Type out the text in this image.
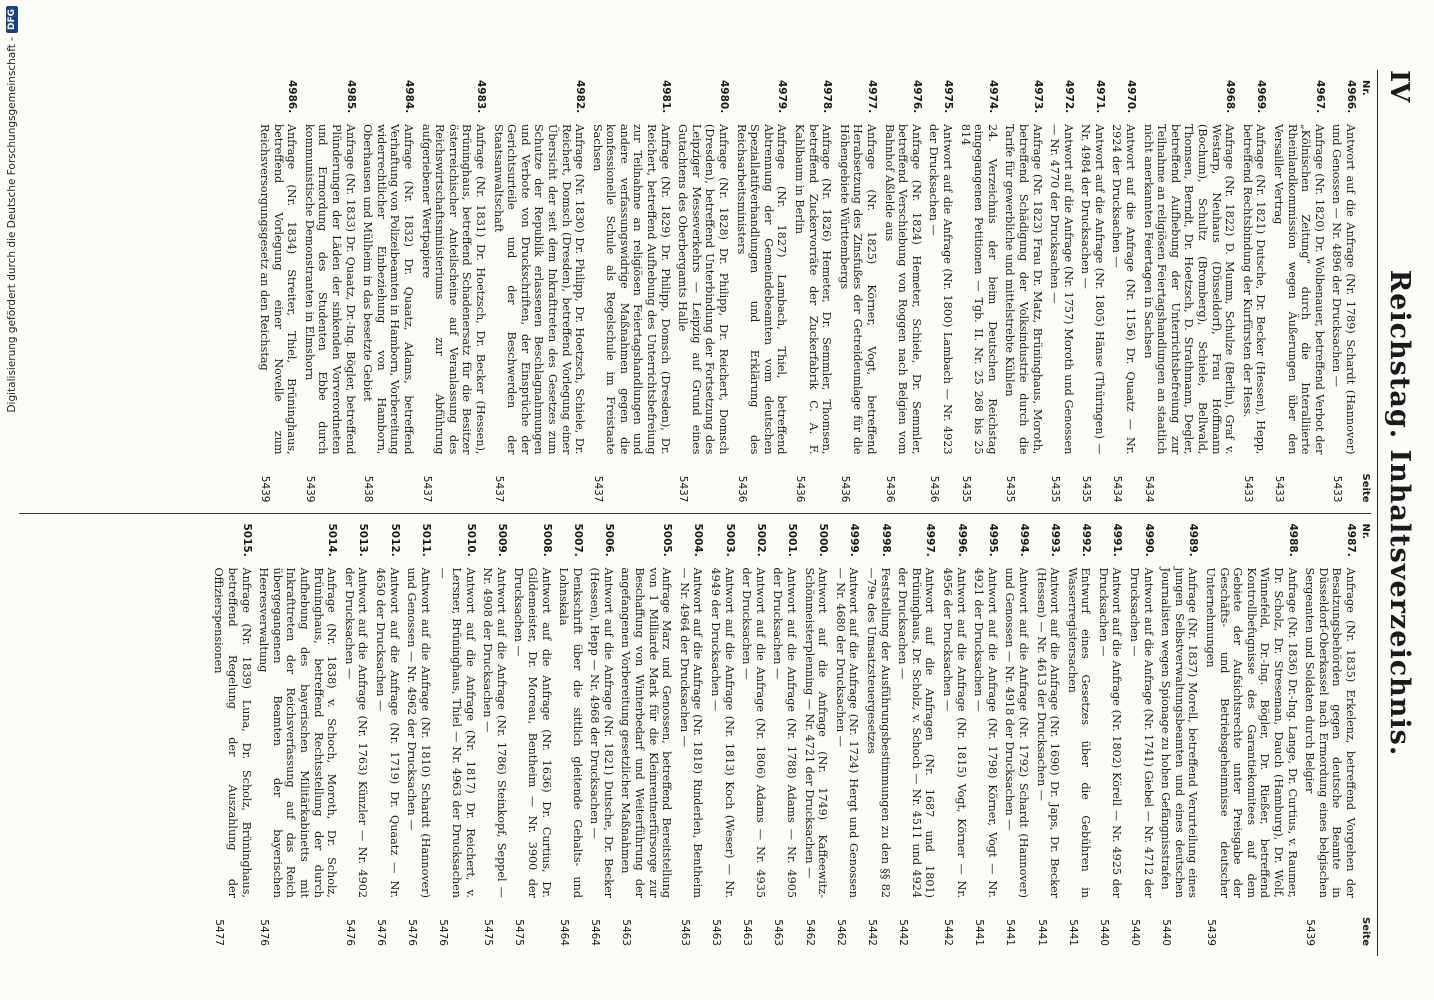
IV
Reichstag. Inhaltsverzeichnis.
Nr.
Seite
4966.
Antwort auf die Anfrage (Nr. 1789) Schardt (Hannover) und Genossen — Nr. 4896 der Drucksachen —
5433
4967.
Anfrage (Nr. 1820) Dr. Wolbenauer, betreffend Verbot der „Kölnischen Zeitung“ durch die Interalliierte Rheinlandkommission wegen Äußerungen über den Versailler Vertrag
5433
4969.
Anfrage (Nr. 1821) Dutsche, Dr. Becker (Hessen), Hepp, betreffend Rechtsbindung der Kurfürsten der Hess.
5433
4968.
Anfrage (Nr. 1822) D. Mumm, Schulze (Berlin), Graf v. Westarp, Neuhaus (Düsseldorf), Frau Hoffmann (Bochum), Schultz (Bromberg), Schiele, Bellwald, Thomsen, Berndt, Dr. Hoetzsch, D. Strathmann, Degler, betreffend Aufhebung der Unterrichtsbefreiung zur Teilnahme an religiösen Feiertagshandlungen an staatlich nicht anerkannten Feiertagen in Sachsen
5434
4970.
Antwort auf die Anfrage (Nr. 1156) Dr. Quaatz — Nr. 2924 der Drucksachen —
5434
4971.
Antwort auf die Anfrage (Nr. 1805) Hänse (Thüringen) — Nr. 4984 der Drucksachen —
5435
4972.
Antwort auf die Anfrage (Nr. 1757) Moroth und Genossen — Nr. 4770 der Drucksachen —
5435
4973.
Anfrage (Nr. 1823) Frau Dr. Matz, Brüninghaus, Moroth, betreffend Schädigung der Volksindustrie durch die Tarife für gewerbliche und mittelstrebte Kühlen
5435
4974.
24. Verzeichnis der beim Deutschen Reichstag eingegangenen Petitionen — Tgb. II. Nr. 25 268 bis 25 814
5435
4975.
Antwort auf die Anfrage (Nr. 1800) Lambach — Nr. 4923 der Drucksachen —
5436
4976.
Anfrage (Nr. 1824) Hemeter, Schiele, Dr. Semmler, betreffend Verschiebung von Roggen nach Belgien vom Bahnhof Aßlelde aus
5436
4977.
Anfrage (Nr. 1825) Körner, Vogt, betreffend Herabsetzung des Zinsfußes der Getreideumlage für die Höhengebiete Württembergs
5436
4978.
Anfrage (Nr. 1826) Hemeter, Dr. Semmler, Thomsen, betreffend Zuckervorräte der Zuckerfabrik C. A. F. Kahlbaum in Berlin
5436
4979.
Anfrage (Nr. 1827) Lambach, Thiel, betreffend Abtrennung der Gemeindebeamten vom deutschen Speziallatifverhandlungen und Erklärung des Reichsarbeitsministers
5436
4980.
Anfrage (Nr. 1828) Dr. Philipp, Dr. Reichert, Domsch (Dresden), betreffend Unterbindung der Fortsetzung des Leipziger Messeverkehrs — Leipzig auf Grund eines Gutachtens des Oberbergamts Halle
5437
4981.
Anfrage (Nr. 1829) Dr. Philipp, Domsch (Dresden), Dr. Reichert, betreffend Aufhebung des Unterrichtsbefreiung zur Teilnahme an religiösen Feiertagshandlungen und andere verfassungswidrige Maßnahmen gegen die konfessionelle Schule als Regelschule im Freistaate Sachsen
5437
4982.
Anfrage (Nr. 1830) Dr. Philipp, Dr. Hoetzsch, Schiele, Dr. Reichert, Domsch (Dresden), betreffend Vorlegung einer Übersicht der seit dem Inkrafttreten des Gesetzes zum Schutze der Republik erlassenen Beschlagnahmungen und Verbote von Druckschriften, der Einsprüche der Gerichtsurteile und der Beschwerden der Staatsanwaltschaft
5437
4983.
Anfrage (Nr. 1831) Dr. Hoetzsch, Dr. Becker (Hessen), Brüninghaus, betreffend Schadenersatz für die Besitzer österreichischer Anteilscheine auf Veranlassung des Reichswirtschaftsministeriums zur Abführung aufgeriebener Wertpapiere
5437
4984.
Anfrage (Nr. 1832) Dr. Quaatz, Adams, betreffend Verhaftung von Polizeibeamten in Hamborn, Vorbereitung widerrechtlicher Einbeziehung von Hamborn, Oberhausen und Mülheim in das besetzte Gebiet
5438
4985.
Anfrage (Nr. 1833) Dr. Quaatz, Dr.-Ing. Bögler, betreffend Plünderungen der Läden der sinkenden Vorverordneten und Ermordung des Studenten Ebbe durch kommunistische Demonstranten in Elmshorn
5439
4986.
Anfrage (Nr. 1834) Streiter, Thiel, Brüninghaus, betreffend Vorlegung einer Novelle zum Reichsversorgungsgesetz an den Reichstag
5439
Nr.
Seite
4987.
Anfrage (Nr. 1835) Erkelenz, betreffend Vorgehen der Besatzungsbehörden gegen deutsche Beamte in Düsseldorf-Oberkassel nach Ermordung eines belgischen Sergeanten und Soldaten durch Belgier
5439
4988.
Anfrage (Nr. 1836) Dr.-Ing. Lange, Dr. Curtius, v. Raumer, Dr. Scholz, Dr. Streseman, Dauch (Hamburg), Dr. Wolf, Winnefeld, Dr.-Ing. Bögler, Dr. Rießer, betreffend Kontrollbefugnisse des Garantiekomitees auf dem Gebiete der Aufsichtsrechte unter Preisgabe der Geschäfts- und Betriebsgeheimnisse deutscher Unternehmungen
5439
4989.
Anfrage (Nr. 1837) Morell, betreffend Verurteilung eines jungen Selbstverwaltungsbeamten und eines deutschen Journalisten wegen Spionage zu hohen Gefängnisstrafen
5440
4990.
Antwort auf die Anfrage (Nr. 1741) Giebel — Nr. 4712 der Drucksachen —
5440
4991.
Antwort auf die Anfrage (Nr. 1802) Körell — Nr. 4925 der Drucksachen —
5440
4992.
Entwurf eines Gesetzes über die Gebühren in Wasserregistersachen
5441
4993.
Antwort auf die Anfrage (Nr. 1690) Dr. Japs, Dr. Becker (Hessen) — Nr. 4613 der Drucksachen —
5441
4994.
Antwort auf die Anfrage (Nr. 1792) Schardt (Hannover) und Genossen — Nr. 4918 der Drucksachen —
5441
4995.
Antwort auf die Anfrage (Nr. 1798) Körner, Vogt — Nr. 4921 der Drucksachen —
5441
4996.
Antwort auf die Anfrage (Nr. 1815) Vogt, Körner — Nr. 4956 der Drucksachen —
5442
4997.
Antwort auf die Anfragen (Nr. 1687 und 1801) Brüninghaus, Dr. Scholz, v. Schoch — Nr. 4511 und 4924 der Drucksachen —
5442
4998.
Feststellung der Ausführungsbestimmungen zu den §§ 82—79e des Umsatzsteuergesetzes
5442
4999.
Antwort auf die Anfrage (Nr. 1724) Hergt und Genossen — Nr. 4680 der Drucksachen —
5462
5000.
Antwort auf die Anfrage (Nr. 1749) Kaffeewitz-Schönmeisterplenning — Nr. 4721 der Drucksachen —
5462
5001.
Antwort auf die Anfrage (Nr. 1788) Adams — Nr. 4905 der Drucksachen —
5463
5002.
Antwort auf die Anfrage (Nr. 1806) Adams — Nr. 4935 der Drucksachen —
5463
5003.
Antwort auf die Anfrage (Nr. 1813) Koch (Weser) — Nr. 4949 der Drucksachen —
5463
5004.
Antwort auf die Anfrage (Nr. 1818) Rinderlen, Bentheim — Nr. 4964 der Drucksachen —
5463
5005.
Anfrage Marz und Genossen, betreffend Bereitstellung von 1 Milliarde Mark für die Kleinrentnerfürsorge zur Beschaffung von Winterbedarf und Weiterführung der angefangenen Vorbereitung gesetzlicher Maßnahmen
5463
5006.
Antwort auf die Anfrage (Nr. 1821) Dutsche, Dr. Becker (Hessen), Hepp — Nr. 4968 der Drucksachen —
5464
5007.
Denkschrift über die sittlich gleitende Gehalts- und Lohnskala
5464
5008.
Antwort auf die Anfrage (Nr. 1636) Dr. Curtius, Dr. Gildemeister, Dr. Moreau, Bentheim — Nr. 3900 der Drucksachen —
5475
5009.
Antwort auf die Anfrage (Nr. 1786) Steinkopf, Seppel — Nr. 4908 der Drucksachen —
5475
5010.
Antwort auf die Anfrage (Nr. 1817) Dr. Reichert, v. Lersner, Brüninghaus, Thiel — Nr. 4963 der Drucksachen —
5476
5011.
Antwort auf die Anfrage (Nr. 1810) Schardt (Hannover) und Genossen — Nr. 4962 der Drucksachen —
5476
5012.
Antwort auf die Anfrage (Nr. 1719) Dr. Quaatz — Nr. 4650 der Drucksachen —
5476
5013.
Antwort auf die Anfrage (Nr. 1763) Künzler — Nr. 4902 der Drucksachen —
5476
5014.
Anfrage (Nr. 1838) v. Schoch, Moroth, Dr. Scholz, Brüninghaus, betreffend Rechtsstellung der durch Aufhebung des bayerischen Militärkabinetts mit Inkrafttreten der Reichsverfassung auf das Reich übergegangenen Beamten der bayerischen Heeresverwaltung
5476
5015.
Anfrage (Nr. 1839) Luna, Dr. Scholz, Brüninghaus, betreffend Regelung der Auszahlung der Offizierspensionen
5477
Digitalisierung gefördert durch die Deutsche Forschungsgemeinschaft -
DFG
